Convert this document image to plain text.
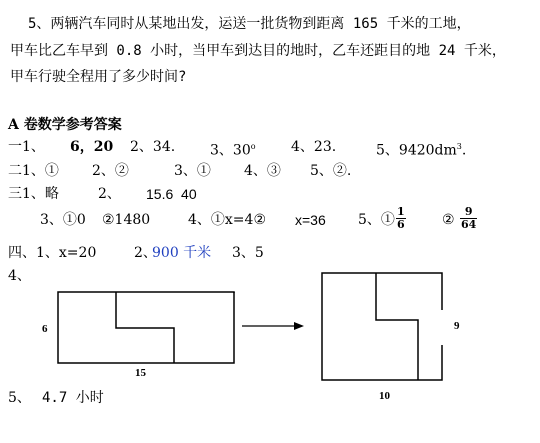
5、两辆汽车同时从某地出发，运送一批货物到距离 165 千米的工地，
甲车比乙车早到 0.8 小时，当甲车到达目的地时，乙车还距目的地 24 千米，
甲车行驶全程用了多少时间?
A 卷数学参考答案
一1、 6，20 2、34. 3、30$^o$	4、23.	5、$9420dm^3$.
二1、① 2、②	3、① 4、③ 5、②.
三1、略	2、 15.6  40
3、①0 ②1480	4、①x=4② x=36 5、① $\frac{1}{6}$	② $\frac{9}{64}$
四、1、x=20	2、
900 千米 3、5
4、
6
15
9
10
5、 4.7 小时
